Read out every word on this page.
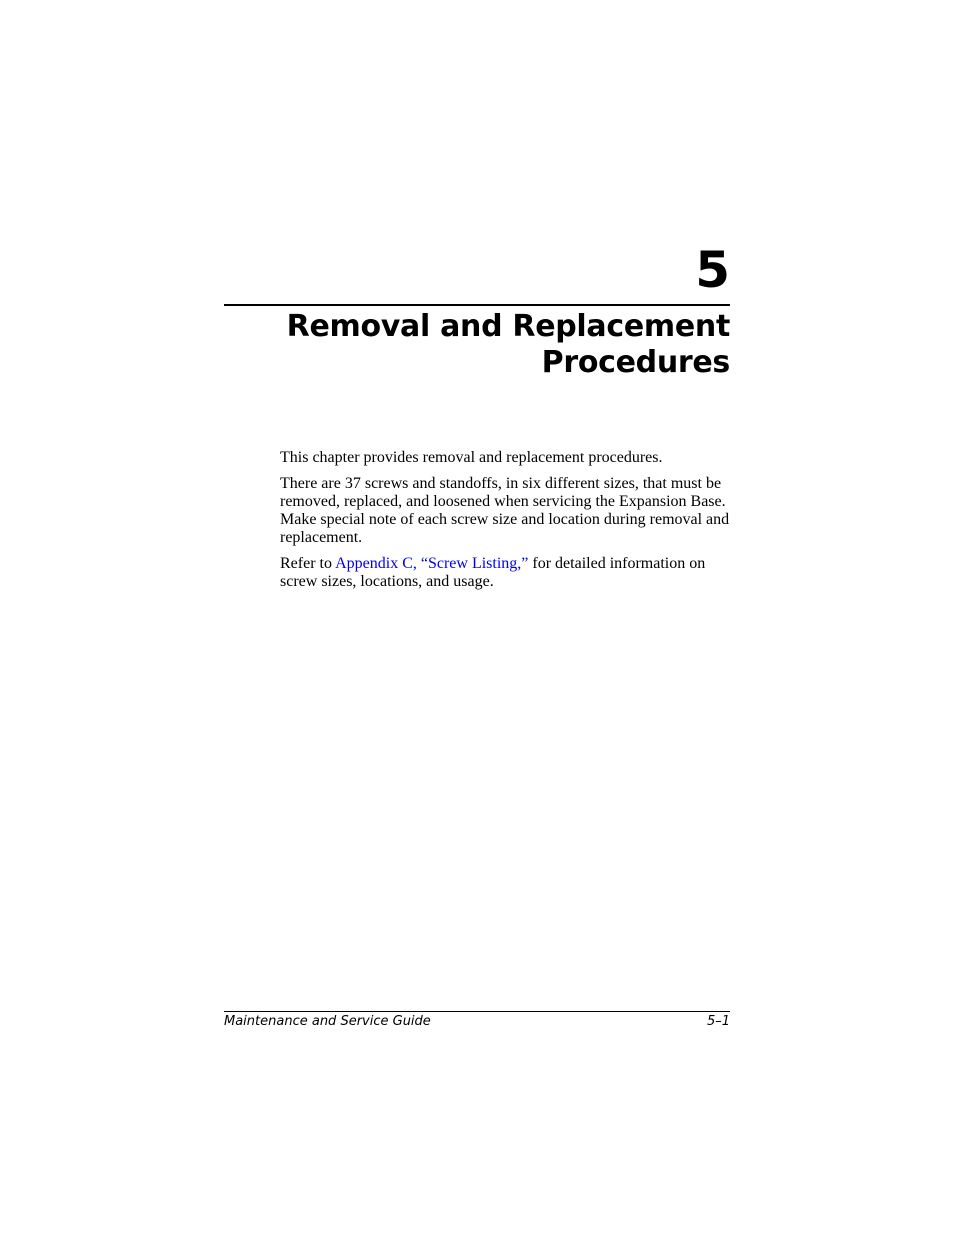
5
Removal and Replacement
Procedures

This chapter provides removal and replacement procedures.

There are 37 screws and standoffs, in six different sizes, that must be removed, replaced, and loosened when servicing the Expansion Base. Make special note of each screw size and location during removal and replacement.

Refer to Appendix C, “Screw Listing,” for detailed information on screw sizes, locations, and usage.

Maintenance and Service Guide	5–1
